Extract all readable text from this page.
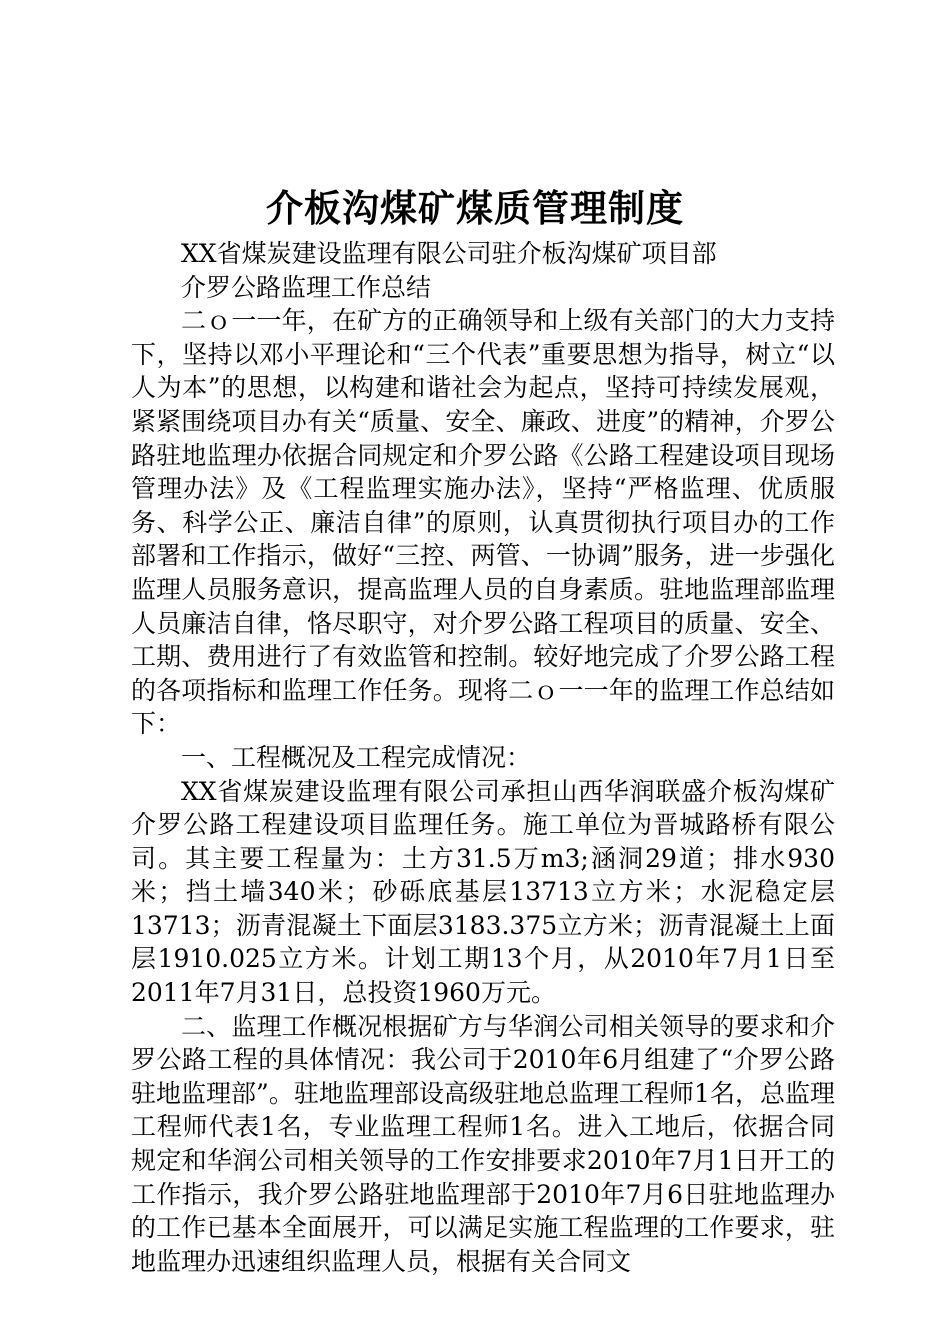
介板沟煤矿煤质管理制度

XX省煤炭建设监理有限公司驻介板沟煤矿项目部

介罗公路监理工作总结

二ｏ一一年，在矿方的正确领导和上级有关部门的大力支持下，坚持以邓小平理论和“三个代表”重要思想为指导，树立“以人为本”的思想，以构建和谐社会为起点，坚持可持续发展观，紧紧围绕项目办有关“质量、安全、廉政、进度”的精神，介罗公路驻地监理办依据合同规定和介罗公路《公路工程建设项目现场管理办法》及《工程监理实施办法》，坚持“严格监理、优质服务、科学公正、廉洁自律”的原则，认真贯彻执行项目办的工作部署和工作指示，做好“三控、两管、一协调”服务，进一步强化监理人员服务意识，提高监理人员的自身素质。驻地监理部监理人员廉洁自律，恪尽职守，对介罗公路工程项目的质量、安全、工期、费用进行了有效监管和控制。较好地完成了介罗公路工程的各项指标和监理工作任务。现将二ｏ一一年的监理工作总结如下：

一、工程概况及工程完成情况：

XX省煤炭建设监理有限公司承担山西华润联盛介板沟煤矿介罗公路工程建设项目监理任务。施工单位为晋城路桥有限公司。其主要工程量为：土方31.5万m3;涵洞29道；排水930米；挡土墙340米；砂砾底基层13713立方米；水泥稳定层13713；沥青混凝土下面层3183.375立方米；沥青混凝土上面层1910.025立方米。计划工期13个月，从2010年7月1日至2011年7月31日，总投资1960万元。

二、监理工作概况根据矿方与华润公司相关领导的要求和介罗公路工程的具体情况：我公司于2010年6月组建了“介罗公路驻地监理部”。驻地监理部设高级驻地总监理工程师1名，总监理工程师代表1名，专业监理工程师1名。进入工地后，依据合同规定和华润公司相关领导的工作安排要求2010年7月1日开工的工作指示，我介罗公路驻地监理部于2010年7月6日驻地监理办的工作已基本全面展开，可以满足实施工程监理的工作要求，驻地监理办迅速组织监理人员，根据有关合同文
